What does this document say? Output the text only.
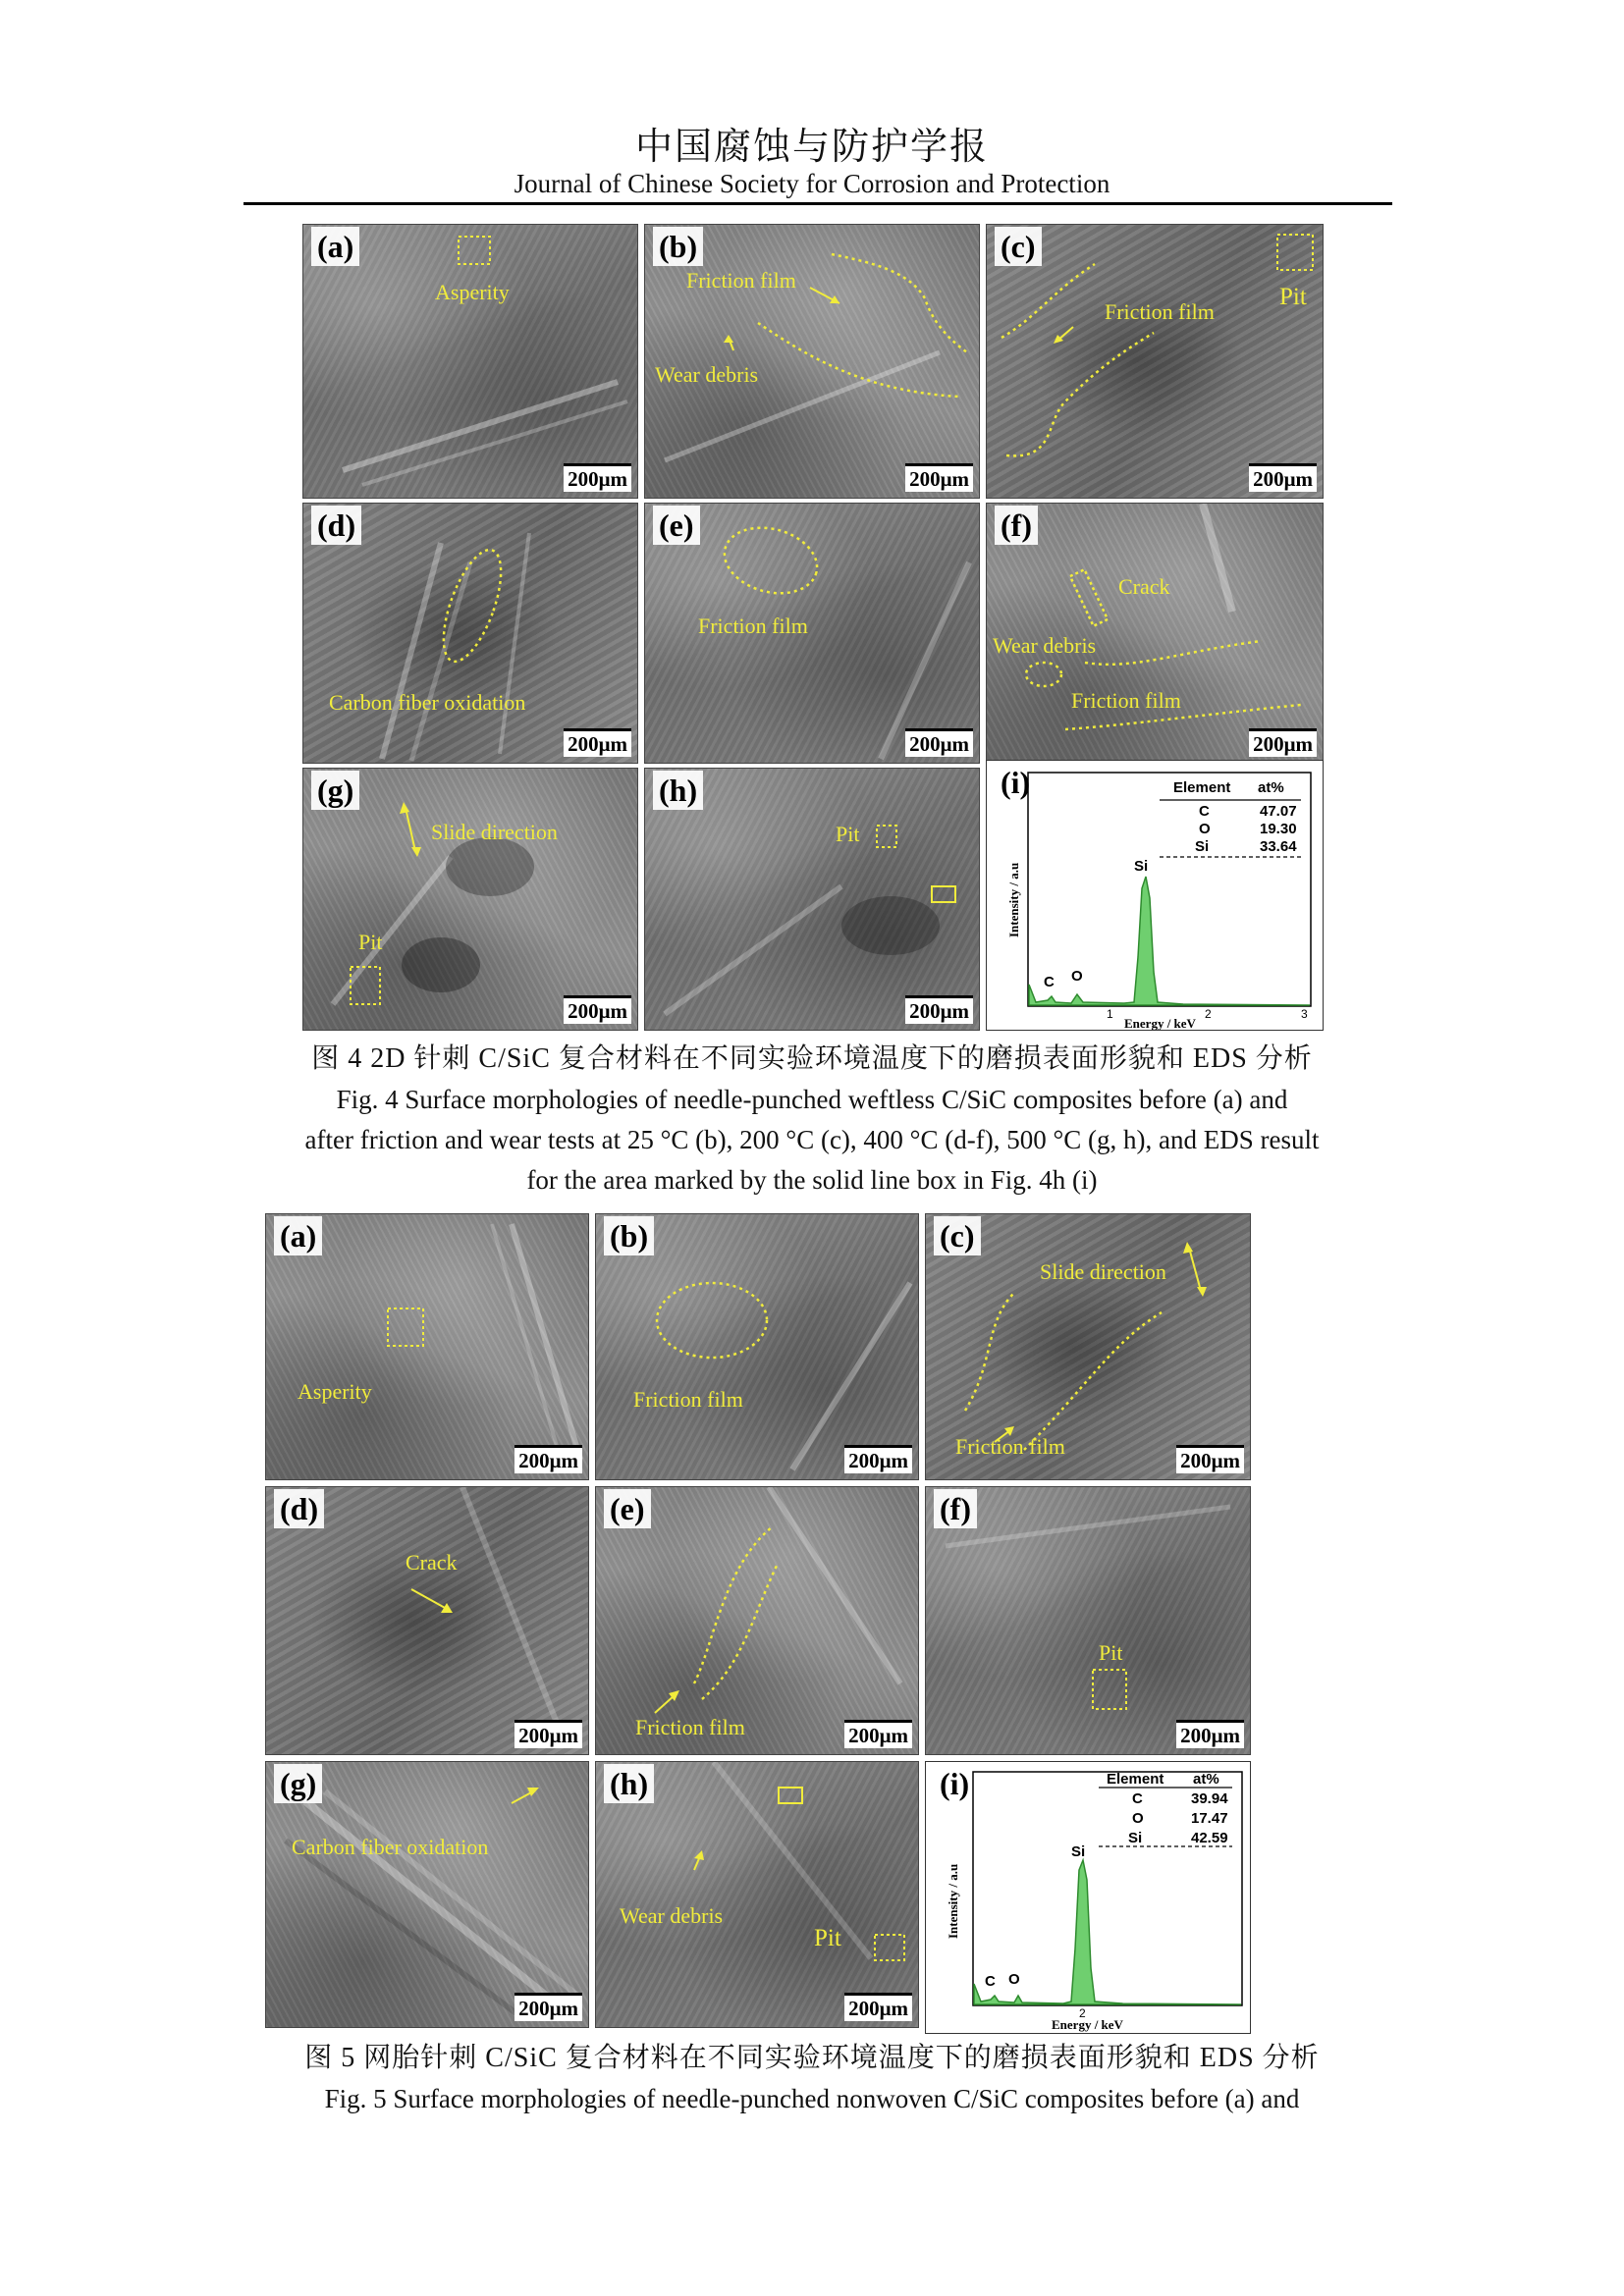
中国腐蚀与防护学报
Journal of Chinese Society for Corrosion and Protection
(a)
Asperity
200μm
(b)
Friction film
Wear debris
200μm
(c)
Friction film
Pit
200μm
(d)
Carbon fiber oxidation
200μm
(e)
Friction film
200μm
(f)
Crack
Wear debris
Friction film
200μm
(g)
Slide direction
Pit
200μm
(h)
Pit
200μm
(i)	Element at%
C	47.07
O	19.30
Si	33.64
C O
Si
1	2	3
Energy / keV
Intensity / a.u
图 4 2D 针刺 C/SiC 复合材料在不同实验环境温度下的磨损表面形貌和 EDS 分析
Fig. 4 Surface morphologies of needle-punched weftless C/SiC composites before (a) and
after friction and wear tests at 25 °C (b), 200 °C (c), 400 °C (d-f), 500 °C (g, h), and EDS result
for the area marked by the solid line box in Fig. 4h (i)
(a)
Asperity
200μm
(b)
Friction film
200μm
(c)
Slide direction
Friction film
200μm
(d)
Crack
200μm
(e)
Friction film	200μm
(f)
Pit
200μm
(g)
Carbon fiber oxidation
200μm
(h)
Wear debris
Pit
200μm
(i)	Element at%
C	39.94
O	17.47
Si	42.59
C O
Si
2
Energy / keV
Intensity / a.u
图 5 网胎针刺 C/SiC 复合材料在不同实验环境温度下的磨损表面形貌和 EDS 分析
Fig. 5 Surface morphologies of needle-punched nonwoven C/SiC composites before (a) and
